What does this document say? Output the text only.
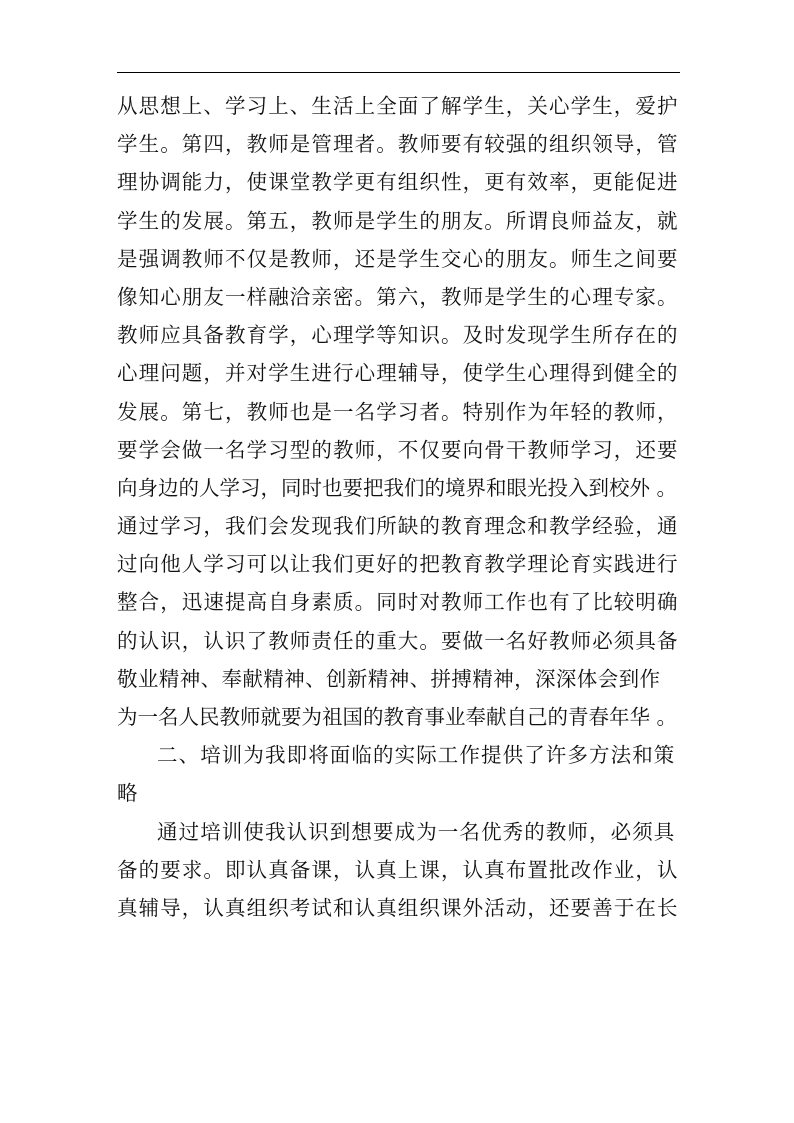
从思想上、学习上、生活上全面了解学生，关心学生，爱护
学生。第四，教师是管理者。教师要有较强的组织领导，管
理协调能力，使课堂教学更有组织性，更有效率，更能促进
学生的发展。第五，教师是学生的朋友。所谓良师益友，就
是强调教师不仅是教师，还是学生交心的朋友。师生之间要
像知心朋友一样融洽亲密。第六，教师是学生的心理专家。
教师应具备教育学，心理学等知识。及时发现学生所存在的
心理问题，并对学生进行心理辅导，使学生心理得到健全的
发展。第七，教师也是一名学习者。特别作为年轻的教师，
要学会做一名学习型的教师，不仅要向骨干教师学习，还要
向身边的人学习，同时也要把我们的境界和眼光投入到校外 。
通过学习，我们会发现我们所缺的教育理念和教学经验，通
过向他人学习可以让我们更好的把教育教学理论育实践进行
整合，迅速提高自身素质。同时对教师工作也有了比较明确
的认识，认识了教师责任的重大。要做一名好教师必须具备
敬业精神、奉献精神、创新精神、拼搏精神，深深体会到作
为一名人民教师就要为祖国的教育事业奉献自己的青春年华 。
二、培训为我即将面临的实际工作提供了许多方法和策
略
通过培训使我认识到想要成为一名优秀的教师，必须具
备的要求。即认真备课，认真上课，认真布置批改作业，认
真辅导，认真组织考试和认真组织课外活动，还要善于在长
